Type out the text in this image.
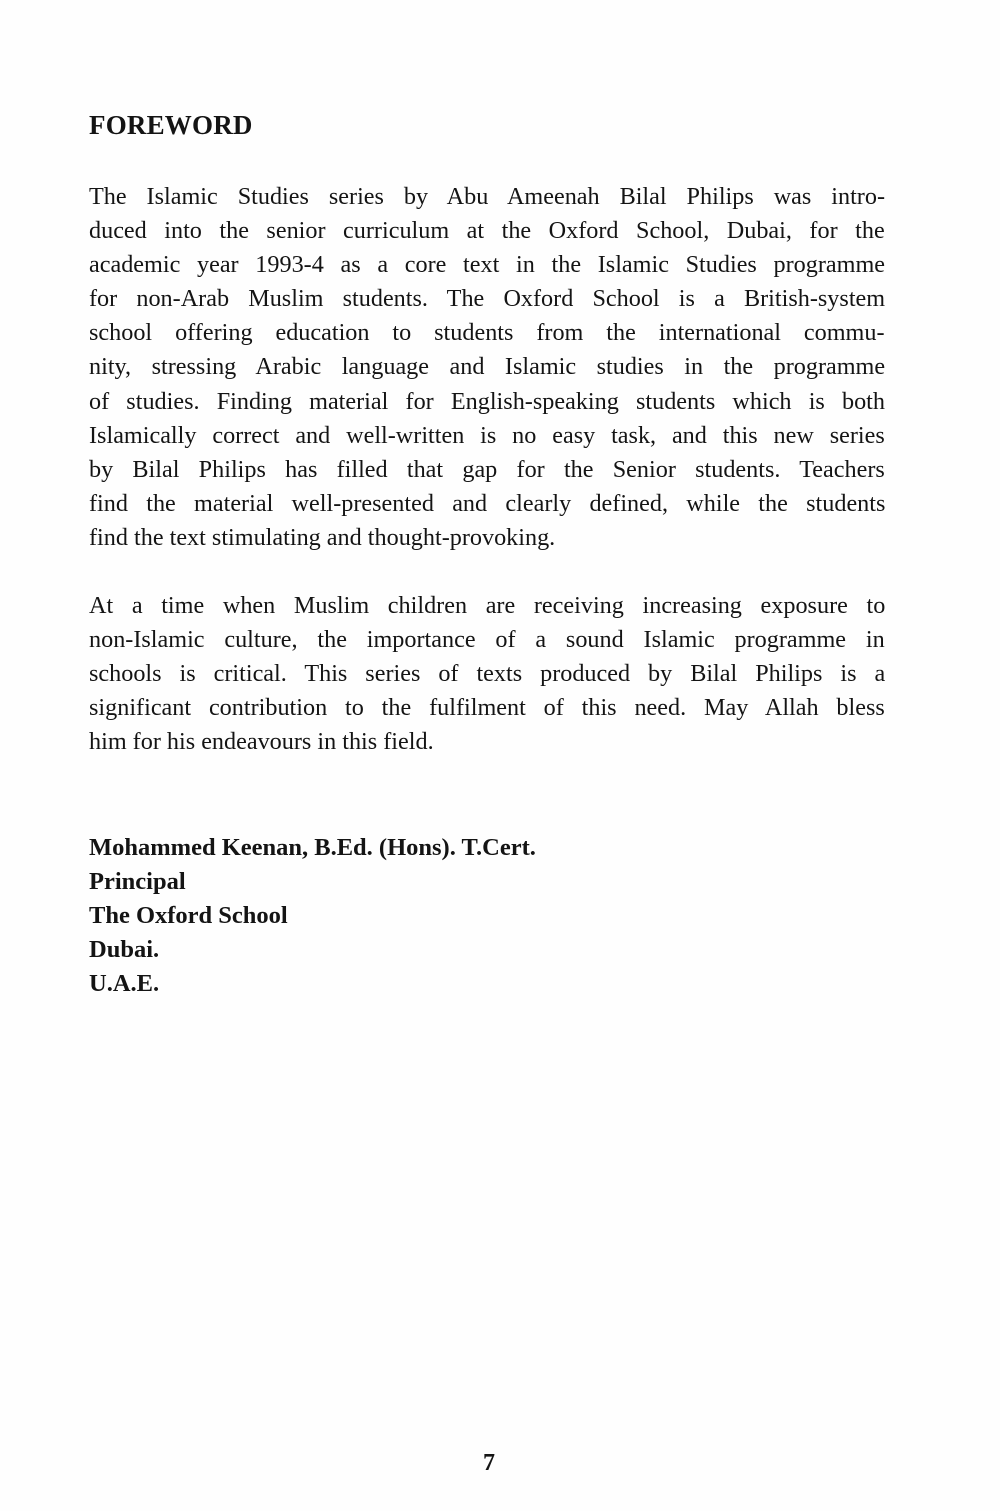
FOREWORD
The Islamic Studies series by Abu Ameenah Bilal Philips was intro-
duced into the senior curriculum at the Oxford School, Dubai, for the
academic year 1993-4 as a core text in the Islamic Studies programme
for non-Arab Muslim students. The Oxford School is a British-system
school offering education to students from the international commu-
nity, stressing Arabic language and Islamic studies in the programme
of studies. Finding material for English-speaking students which is both
Islamically correct and well-written is no easy task, and this new series
by Bilal Philips has filled that gap for the Senior students. Teachers
find the material well-presented and clearly defined, while the students
find the text stimulating and thought-provoking.
At a time when Muslim children are receiving increasing exposure to
non-Islamic culture, the importance of a sound Islamic programme in
schools is critical. This series of texts produced by Bilal Philips is a
significant contribution to the fulfilment of this need. May Allah bless
him for his endeavours in this field.
Mohammed Keenan, B.Ed. (Hons). T.Cert.
Principal
The Oxford School
Dubai.
U.A.E.
7
